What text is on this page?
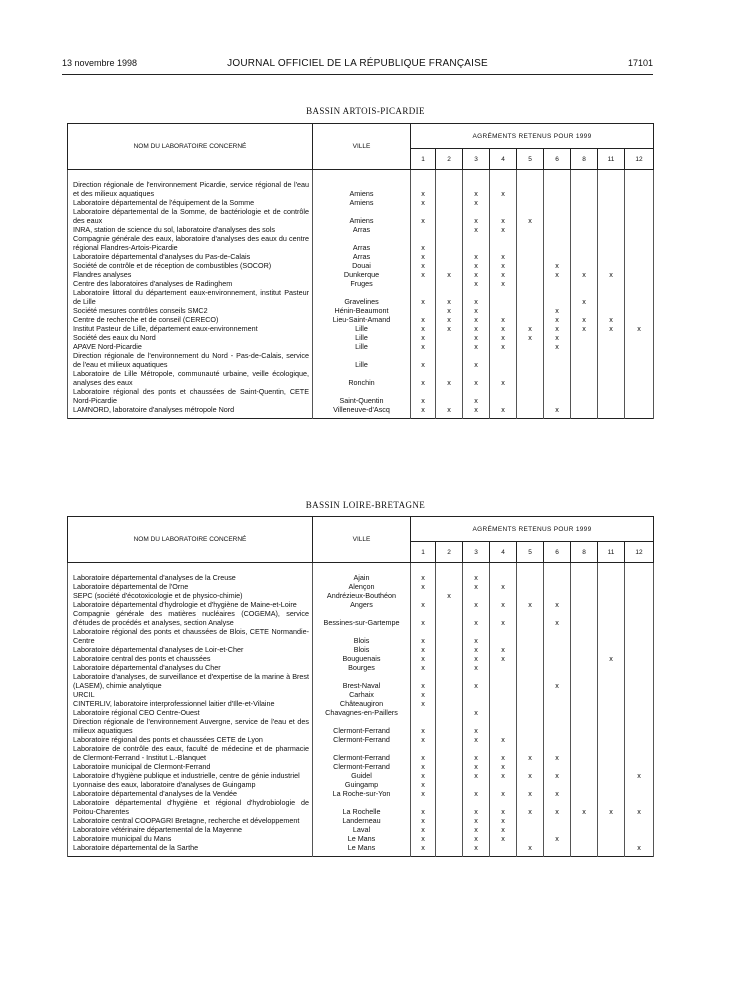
13 novembre 1998	JOURNAL OFFICIEL DE LA RÉPUBLIQUE FRANÇAISE	17101
BASSIN ARTOIS-PICARDIE
NOM DU LABORATOIRE CONCERNÉ	VILLE	AGRÉMENTS RETENUS POUR 1999								
		1	2	3	4	5	6	8	11	12

Direction régionale de l'environnement Picardie, service régional de l'eau et des milieux aquatiques	Amiens	x		x	x					
Laboratoire départemental de l'équipement de la Somme	Amiens	x		x						
Laboratoire départemental de la Somme, de bactériologie et de contrôle des eaux	Amiens	x		x	x	x				
INRA, station de science du sol, laboratoire d'analyses des sols	Arras			x	x					
Compagnie générale des eaux, laboratoire d'analyses des eaux du centre régional Flandres-Artois-Picardie	Arras	x								
Laboratoire départemental d'analyses du Pas-de-Calais	Arras	x		x	x					
Société de contrôle et de réception de combustibles (SOCOR)	Douai	x		x	x		x			
Flandres analyses	Dunkerque	x	x	x	x		x	x	x	
Centre des laboratoires d'analyses de Radinghem	Fruges			x	x					
Laboratoire littoral du département eaux-environnement, institut Pasteur de Lille	Gravelines	x	x	x				x		
Société mesures contrôles conseils SMC2	Hénin-Beaumont		x	x			x			
Centre de recherche et de conseil (CERECO)	Lieu-Saint-Amand	x	x	x	x		x	x	x	
Institut Pasteur de Lille, département eaux-environnement	Lille	x	x	x	x	x	x	x	x	x
Société des eaux du Nord	Lille	x		x	x	x	x			
APAVE Nord-Picardie	Lille	x		x	x		x			
Direction régionale de l'environnement du Nord - Pas-de-Calais, service de l'eau et milieux aquatiques	Lille	x		x						
Laboratoire de Lille Métropole, communauté urbaine, veille écologique, analyses des eaux	Ronchin	x	x	x	x					
Laboratoire régional des ponts et chaussées de Saint-Quentin, CETE Nord-Picardie	Saint-Quentin	x		x						
LAMNORD, laboratoire d'analyses métropole Nord	Villeneuve-d'Ascq	x	x	x	x		x			

BASSIN LOIRE-BRETAGNE
NOM DU LABORATOIRE CONCERNÉ	VILLE	AGRÉMENTS RETENUS POUR 1999								
		1	2	3	4	5	6	8	11	12

Laboratoire départemental d'analyses de la Creuse	Ajain	x		x						
Laboratoire départemental de l'Orne	Alençon	x		x	x					
SEPC (société d'écotoxicologie et de physico-chimie)	Andrézieux-Bouthéon		x							
Laboratoire départemental d'hydrologie et d'hygiène de Maine-et-Loire	Angers	x		x	x	x	x			
Compagnie générale des matières nucléaires (COGEMA), service d'études de procédés et analyses, section Analyse	Bessines-sur-Gartempe	x		x	x		x			
Laboratoire régional des ponts et chaussées de Blois, CETE Normandie-Centre	Blois	x		x						
Laboratoire départemental d'analyses de Loir-et-Cher	Blois	x		x	x					
Laboratoire central des ponts et chaussées	Bouguenais	x		x	x				x	
Laboratoire départemental d'analyses du Cher	Bourges	x		x						
Laboratoire d'analyses, de surveillance et d'expertise de la marine à Brest (LASEM), chimie analytique	Brest-Naval	x		x			x			
URCIL	Carhaix	x								
CINTERLIV, laboratoire interprofessionnel laitier d'Ille-et-Vilaine	Châteaugiron	x								
Laboratoire régional CEO Centre-Ouest	Chavagnes-en-Paillers			x						
Direction régionale de l'environnement Auvergne, service de l'eau et des milieux aquatiques	Clermont-Ferrand	x		x						
Laboratoire régional des ponts et chaussées CETE de Lyon	Clermont-Ferrand	x		x	x					
Laboratoire de contrôle des eaux, faculté de médecine et de pharmacie de Clermont-Ferrand - Institut L.-Blanquet	Clermont-Ferrand	x		x	x	x	x			
Laboratoire municipal de Clermont-Ferrand	Clermont-Ferrand	x		x	x					
Laboratoire d'hygiène publique et industrielle, centre de génie industriel	Guidel	x		x	x	x	x			x
Lyonnaise des eaux, laboratoire d'analyses de Guingamp	Guingamp	x								
Laboratoire départemental d'analyses de la Vendée	La Roche-sur-Yon	x		x	x	x	x			
Laboratoire départemental d'hygiène et régional d'hydrobiologie de Poitou-Charentes	La Rochelle	x		x	x	x	x	x	x	x
Laboratoire central COOPAGRI Bretagne, recherche et développement	Landerneau	x		x	x					
Laboratoire vétérinaire départemental de la Mayenne	Laval	x		x	x					
Laboratoire municipal du Mans	Le Mans	x		x	x		x			
Laboratoire départemental de la Sarthe	Le Mans	x		x		x				x
